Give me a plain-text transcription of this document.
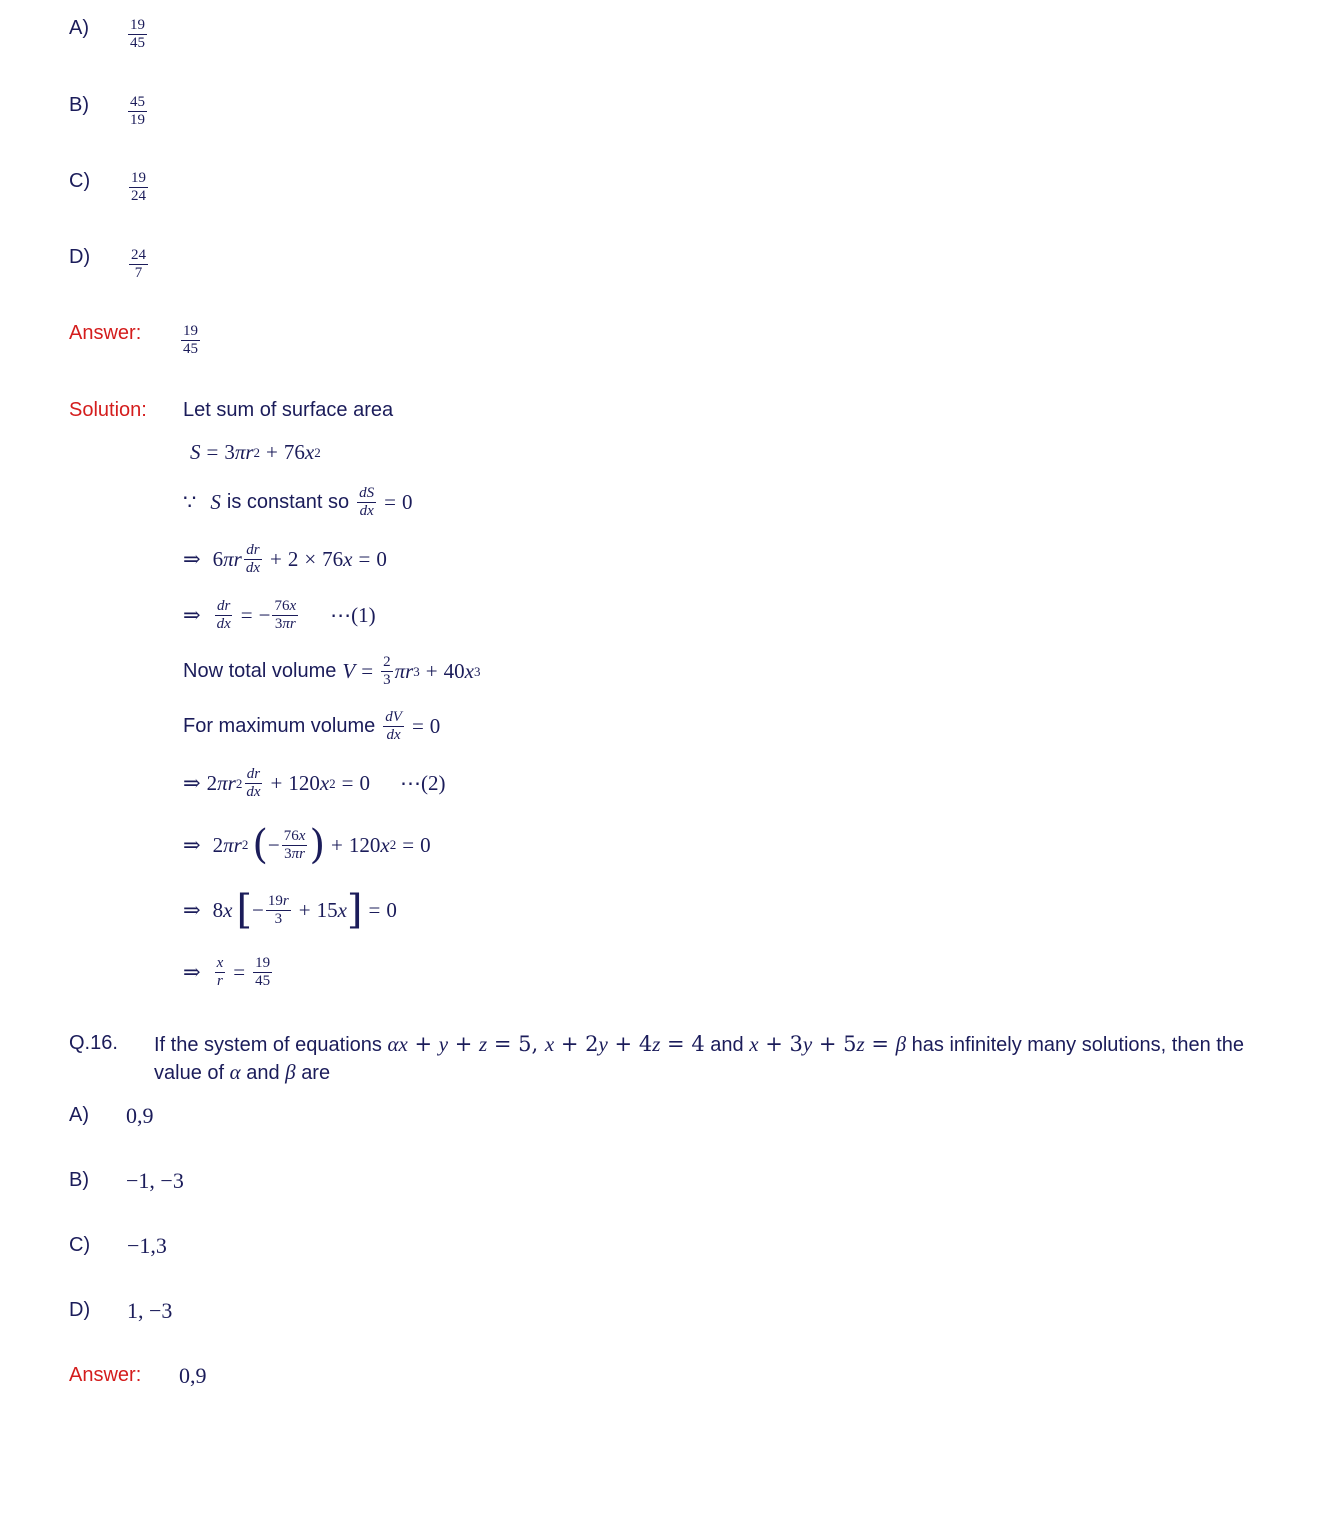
A)	$\frac{19}{45}$
B)	$\frac{45}{19}$
C)	$\frac{19}{24}$
D)	$\frac{24}{7}$
Answer:	$\frac{19}{45}$
Solution: Let sum of surface area
S = 3 πr 2 + 76 x 2
∵ S is constant so $\frac{dS}{dx} = 0$
⇒ 6 πr $\frac{dr}{dx} + 2 \times 76$ x = 0
⇒ $\frac{dr}{dx}$ = − $\frac{76x}{3\pi r}$ ⋯(1)
Now total volume $V = \frac{2}{3}$ πr 3 + 40 x 3
For maximum volume $\frac{dV}{dx} = 0$
⇒ 2 πr $2 \frac{dr}{dx} + 120$ x 2 = 0 ⋯(2)
⇒ 2 πr 2 ( − $\frac{76x}{3\pi r}$ ) + 120 x 2 = 0
⇒ 8 x [ − $\frac{19r}{3} + 15$ x ] = 0
⇒ $\frac{x}{r} = \frac{19}{45}$
Q.16. If the system of equations αx + y + z = 5, x + 2y + 4z = 4 and x + 3y + 5z = β has infinitely many solutions, then the value of α and β are
A) 0,9
B) −1, −3
C) −1,3
D) 1, −3
Answer: 0,9
